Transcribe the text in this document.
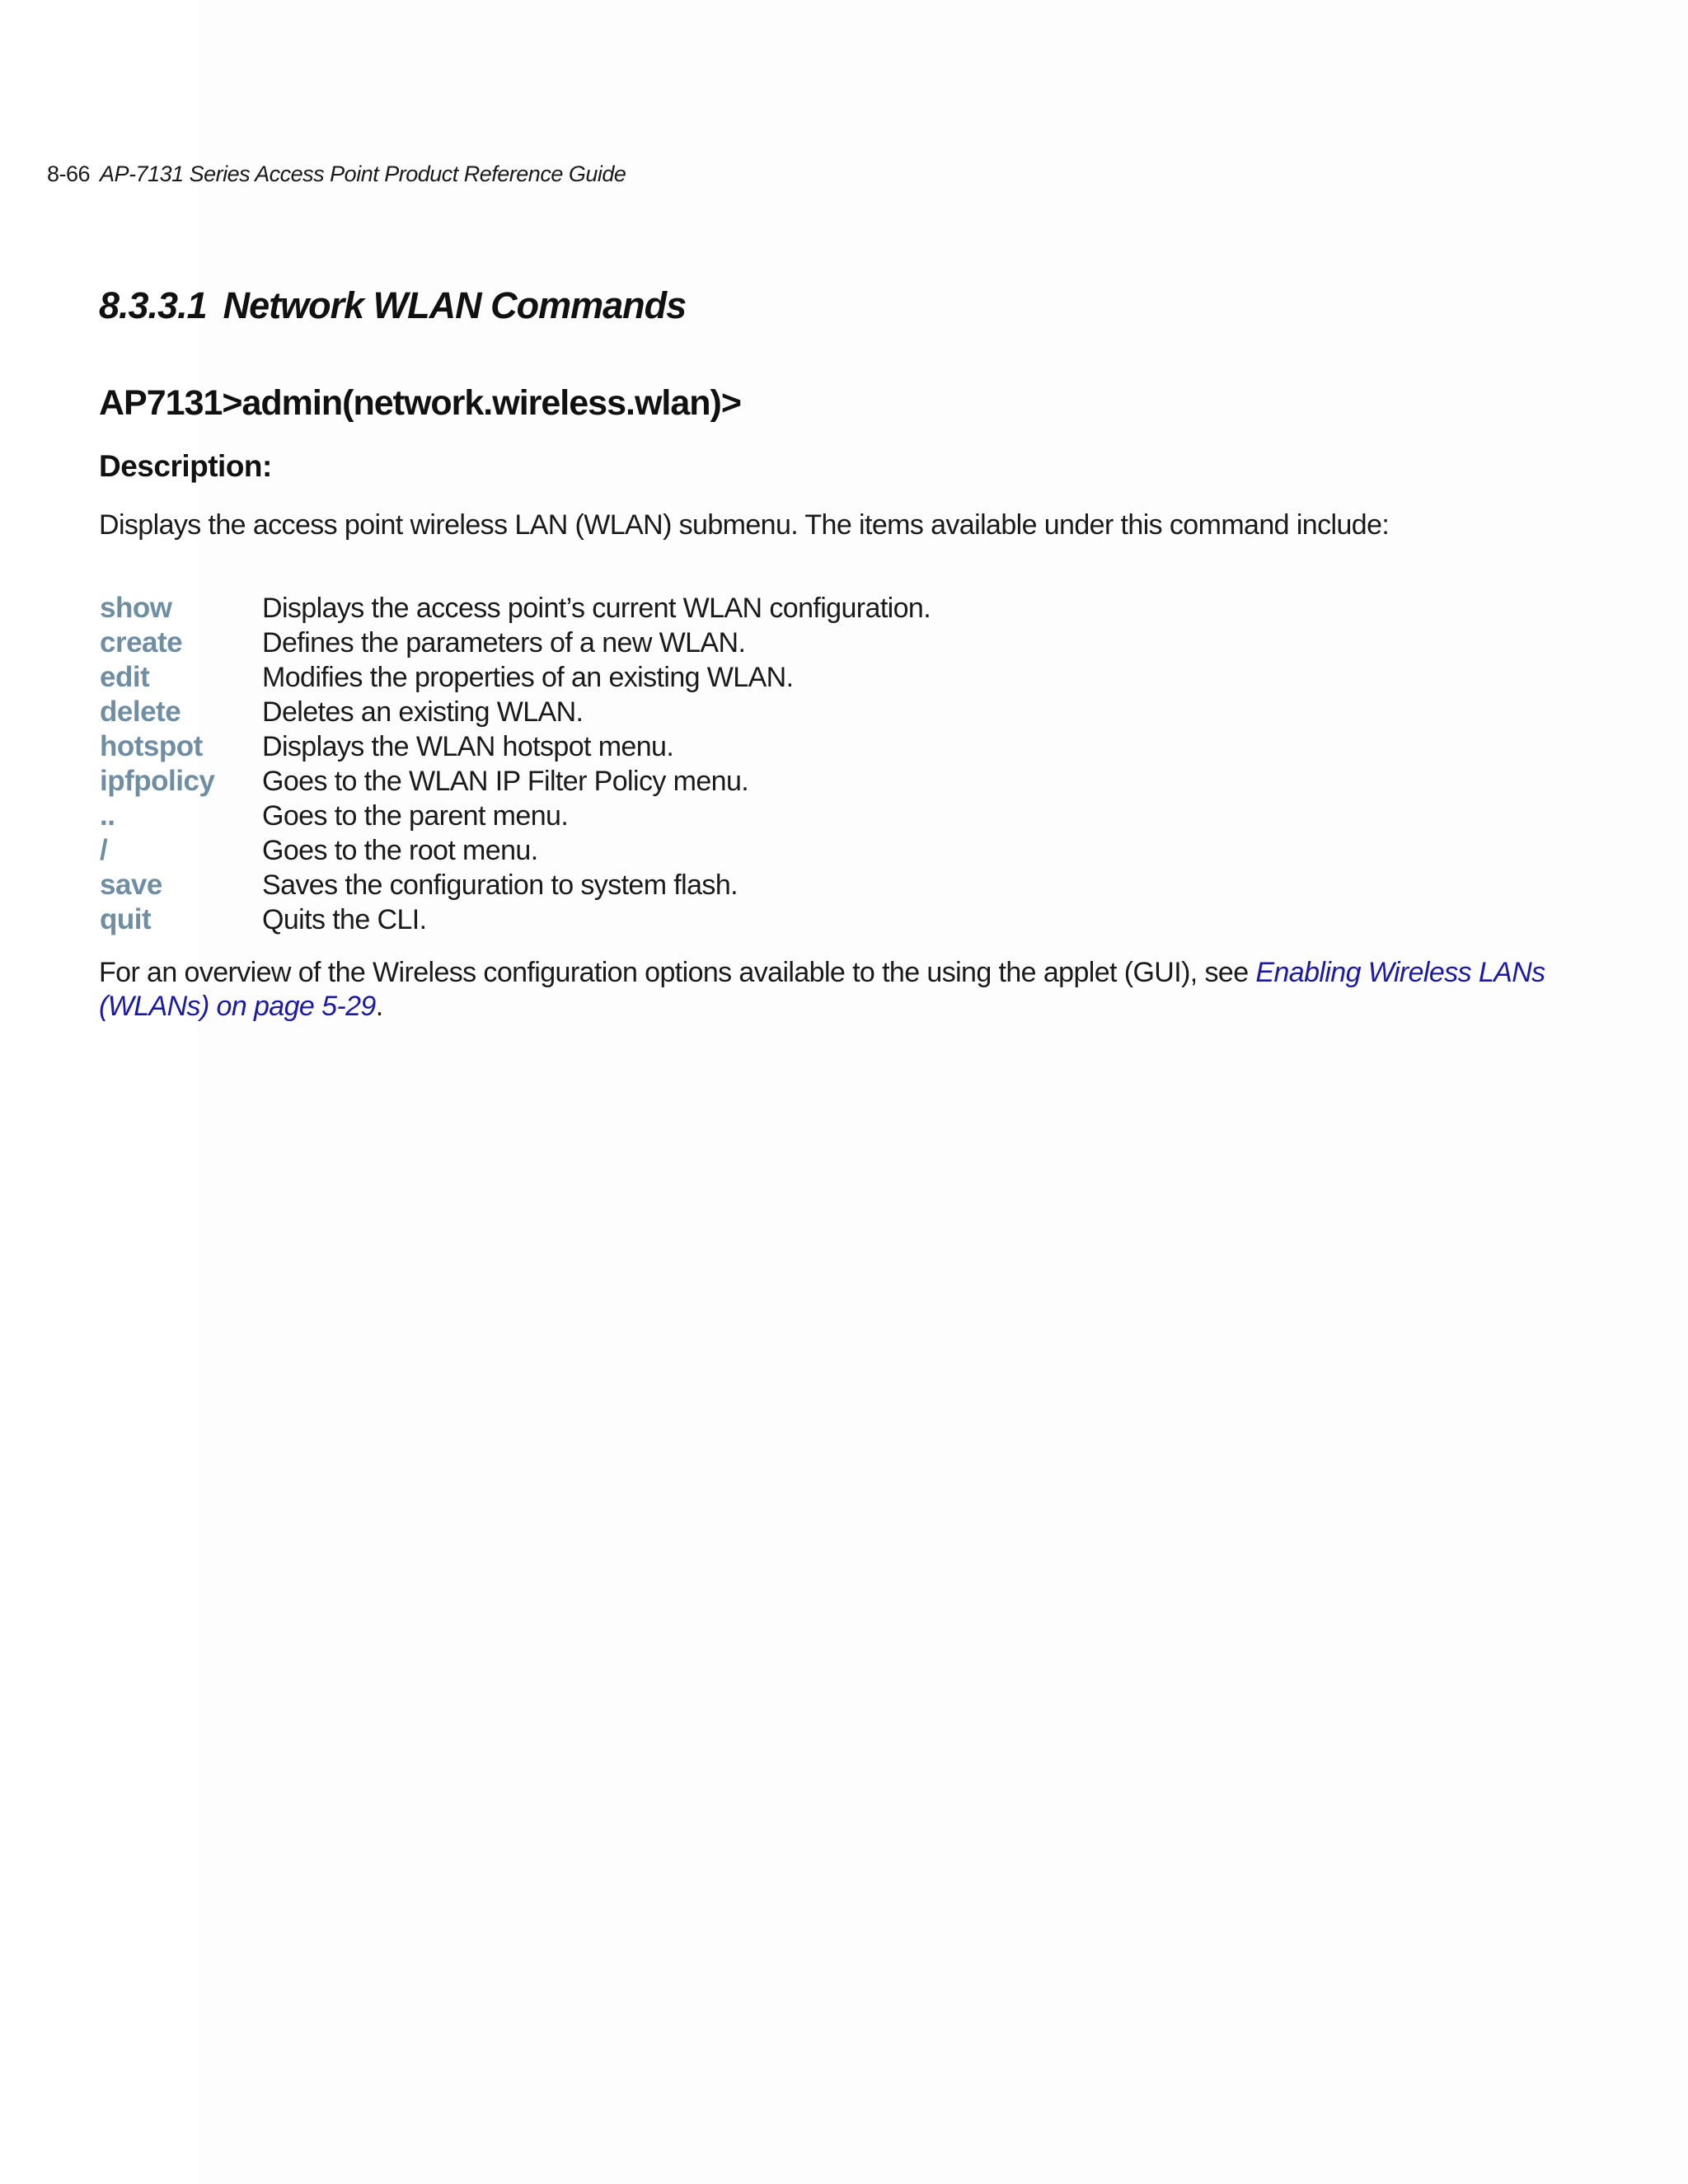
8-66 AP-7131 Series Access Point Product Reference Guide
8.3.3.1 Network WLAN Commands
AP7131>admin(network.wireless.wlan)>
Description:

Displays the access point wireless LAN (WLAN) submenu. The items available under this command include:

show	Displays the access point’s current WLAN configuration.
create	Defines the parameters of a new WLAN.
edit	Modifies the properties of an existing WLAN.
delete	Deletes an existing WLAN.
hotspot	Displays the WLAN hotspot menu.
ipfpolicy	Goes to the WLAN IP Filter Policy menu.
..	Goes to the parent menu.
/	Goes to the root menu.
save	Saves the configuration to system flash.
quit	Quits the CLI.

For an overview of the Wireless configuration options available to the using the applet (GUI), see Enabling Wireless LANs (WLANs) on page 5-29.
